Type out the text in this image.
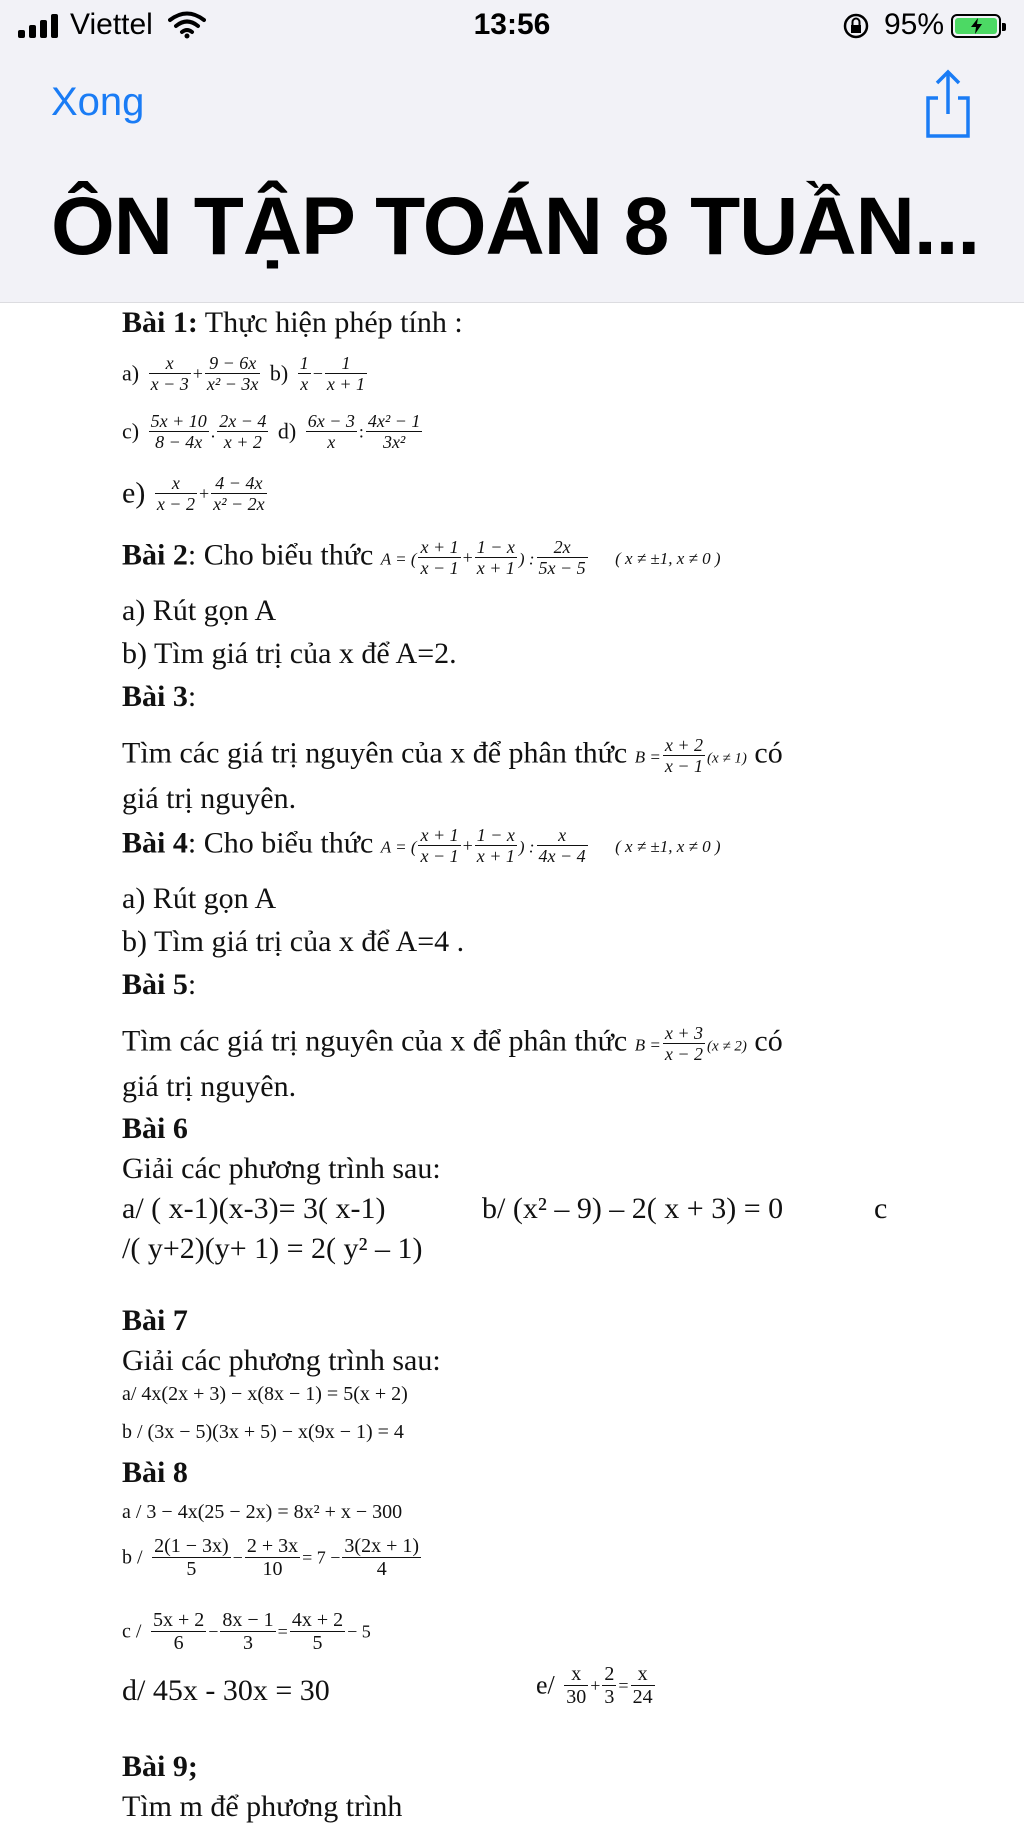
Viettel	13:56	95%
Xong
ÔN TẬP TOÁN 8 TUẦN...
Bài 1: Thực hiện phép tính :
$a) \frac{x}{x - 3} + \frac{9 - 6x}{\text{x² − 3x}} b) \frac{1}{x} - \frac{1}{x + 1}$
$c) \frac{5x + 10}{8 - 4x}$ . $\frac{2x - 4}{x + 2} d) \frac{6x - 3}{x}$ : $\frac{\text{4x² − 1}}{\text{3x²}}$
$e) \frac{x}{x - 2} + \frac{4 - 4x}{\text{x² − 2x}}$
Bài 2: Cho biểu thức A = ( $\frac{x + 1}{x - 1} + \frac{1 - x}{x + 1}$ ) : $\frac{2x}{5x - 5}$ ( x ≠ ±1, x ≠ 0 )
a) Rút gọn A
b) Tìm giá trị của x để A=2.
Bài 3:
Tìm các giá trị nguyên của x để phân thức $B = \frac{x + 2}{x - 1} (x \ne 1)$ có
giá trị nguyên.
Bài 4: Cho biểu thức A = ( $\frac{x + 1}{x - 1} + \frac{1 - x}{x + 1}$ ) : $\frac{x}{4x - 4}$ ( x ≠ ±1, x ≠ 0 )
a) Rút gọn A
b) Tìm giá trị của x để A=4 .
Bài 5:
Tìm các giá trị nguyên của x để phân thức $B = \frac{x + 3}{x - 2} (x \ne 2)$ có
giá trị nguyên.
Bài 6
Giải các phương trình sau:
a/ ( x-1)(x-3)= 3( x-1)	b/ (x² – 9) – 2( x + 3) = 0	c
/( y+2)(y+ 1) = 2( y² – 1)
Bài 7
Giải các phương trình sau:
a/ 4x(2x + 3) − x(8x − 1) = 5(x + 2)
b / (3x − 5)(3x + 5) − x(9x − 1) = 4
Bài 8
a / 3 − 4x(25 − 2x) = 8x² + x − 300
$b / \frac{2(1 - 3x)}{5} - \frac{2 + 3x}{10} = 7 - \frac{3(2x + 1)}{4}$
$c / \frac{5x + 2}{6} - \frac{8x - 1}{3} = \frac{4x + 2}{5} - 5$
d/ 45x - 30x = 30	$e/ \frac{x}{30} + \frac{2}{3} = \frac{x}{24}$
Bài 9;
Tìm m để phương trình
